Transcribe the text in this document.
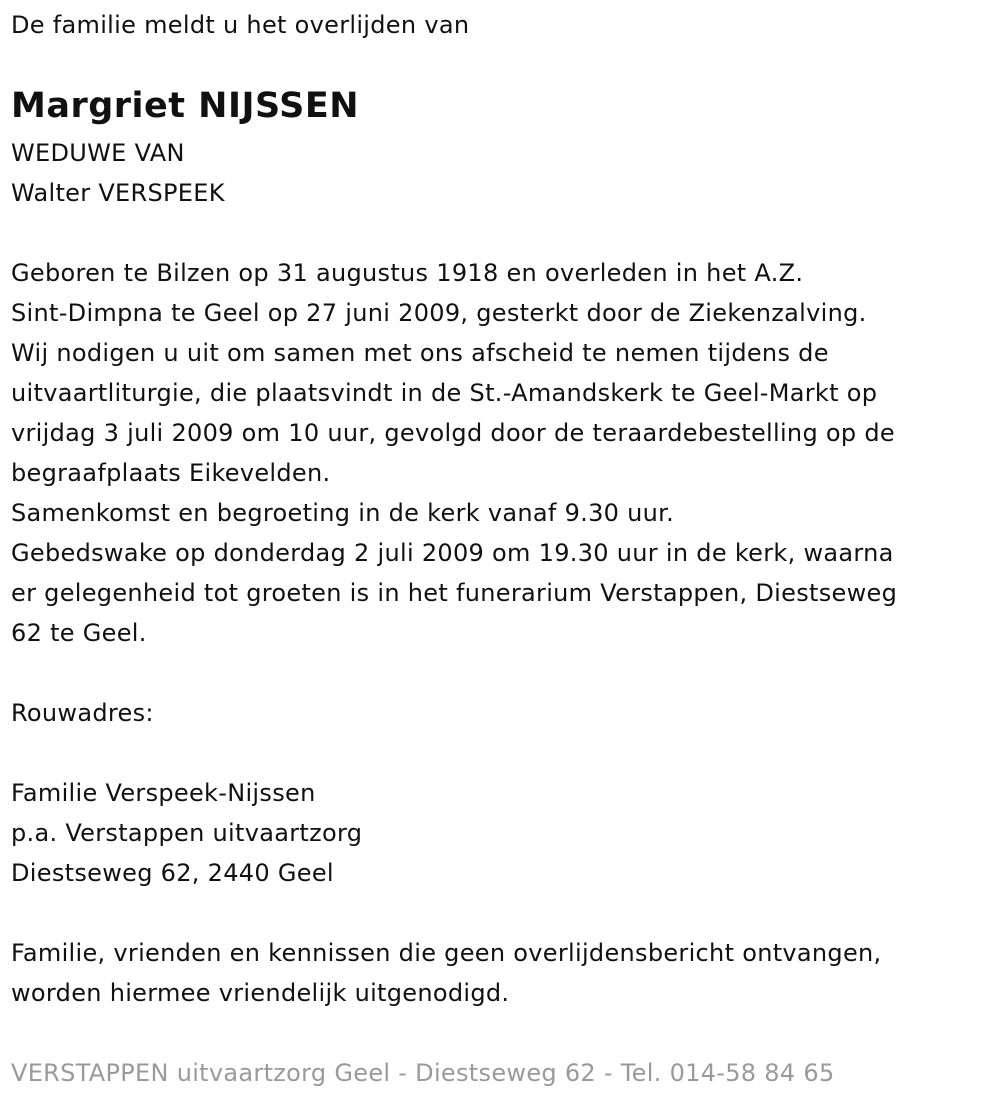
De familie meldt u het overlijden van

Margriet NIJSSEN

WEDUWE VAN

Walter VERSPEEK

Geboren te Bilzen op 31 augustus 1918 en overleden in het A.Z.

Sint-Dimpna te Geel op 27 juni 2009, gesterkt door de Ziekenzalving.

Wij nodigen u uit om samen met ons afscheid te nemen tijdens de

uitvaartliturgie, die plaatsvindt in de St.-Amandskerk te Geel-Markt op

vrijdag 3 juli 2009 om 10 uur, gevolgd door de teraardebestelling op de

begraafplaats Eikevelden.

Samenkomst en begroeting in de kerk vanaf 9.30 uur.

Gebedswake op donderdag 2 juli 2009 om 19.30 uur in de kerk, waarna

er gelegenheid tot groeten is in het funerarium Verstappen, Diestseweg

62 te Geel.

Rouwadres:

Familie Verspeek-Nijssen

p.a. Verstappen uitvaartzorg

Diestseweg 62, 2440 Geel

Familie, vrienden en kennissen die geen overlijdensbericht ontvangen,

worden hiermee vriendelijk uitgenodigd.

VERSTAPPEN uitvaartzorg Geel - Diestseweg 62 - Tel. 014-58 84 65
